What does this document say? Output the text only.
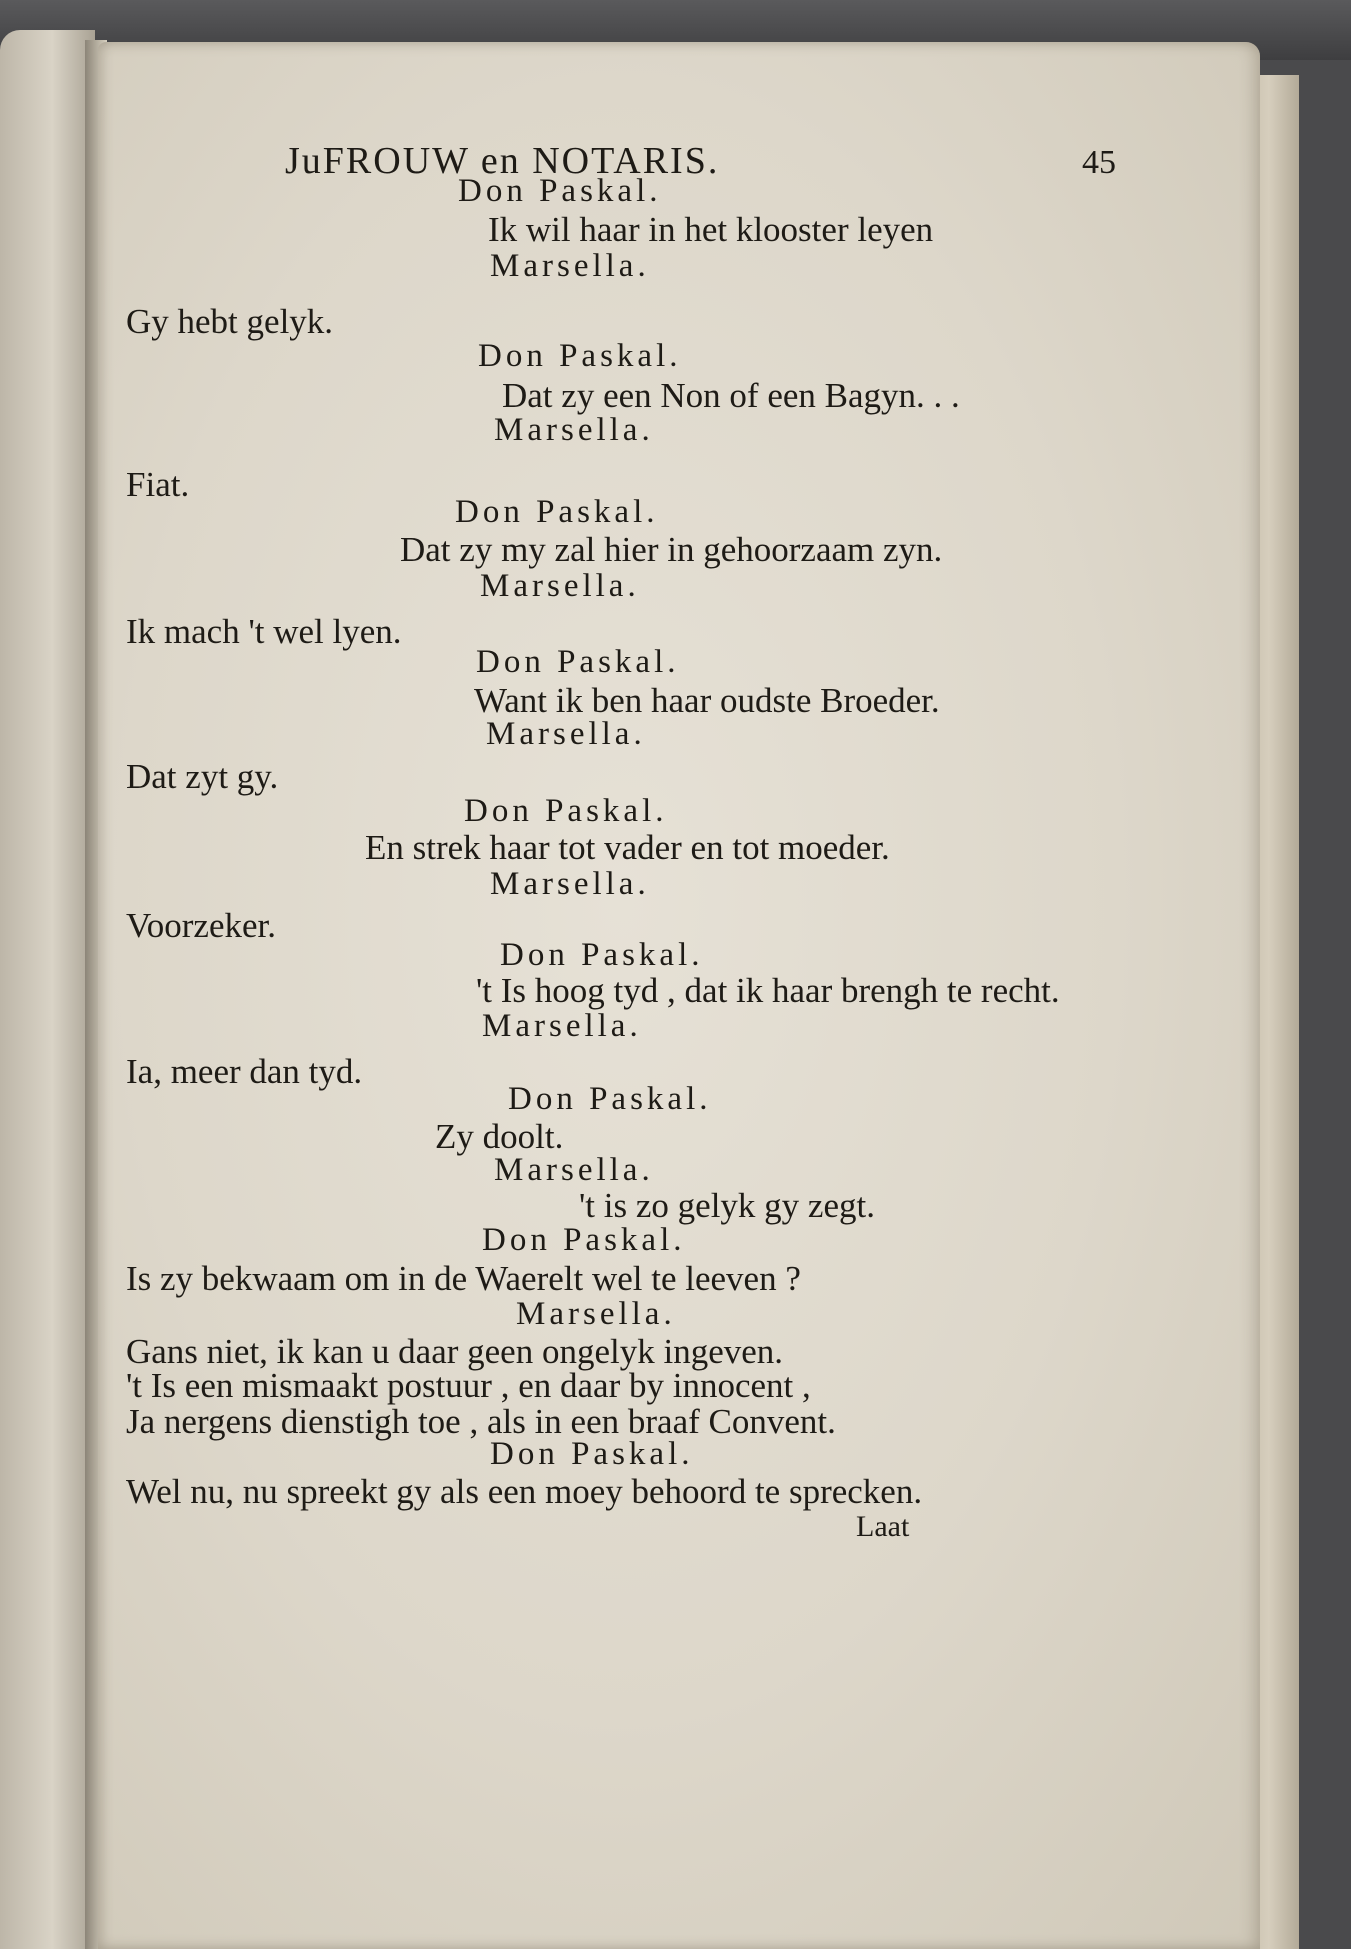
JuFROUW en NOTARIS.	45
Don Paskal.
Ik wil haar in het klooster leyen
Marsella.
Gy hebt gelyk.
Don Paskal.
Dat zy een Non of een Bagyn. . .
Marsella.
Fiat.
Don Paskal.
Dat zy my zal hier in gehoorzaam zyn.
Marsella.
Ik mach 't wel lyen.
Don Paskal.
Want ik ben haar oudste Broeder.
Marsella.
Dat zyt gy.
Don Paskal.
En strek haar tot vader en tot moeder.
Marsella.
Voorzeker.
Don Paskal.
't Is hoog tyd , dat ik haar brengh te recht.
Marsella.
Ia, meer dan tyd.
Don Paskal.
Zy doolt.
Marsella.
't is zo gelyk gy zegt.
Don Paskal.
Is zy bekwaam om in de Waerelt wel te leeven ?
Marsella.
Gans niet, ik kan u daar geen ongelyk ingeven.
't Is een mismaakt postuur , en daar by innocent ,
Ja nergens dienstigh toe , als in een braaf Convent.
Don Paskal.
Wel nu, nu spreekt gy als een moey behoord te sprecken.
Laat
